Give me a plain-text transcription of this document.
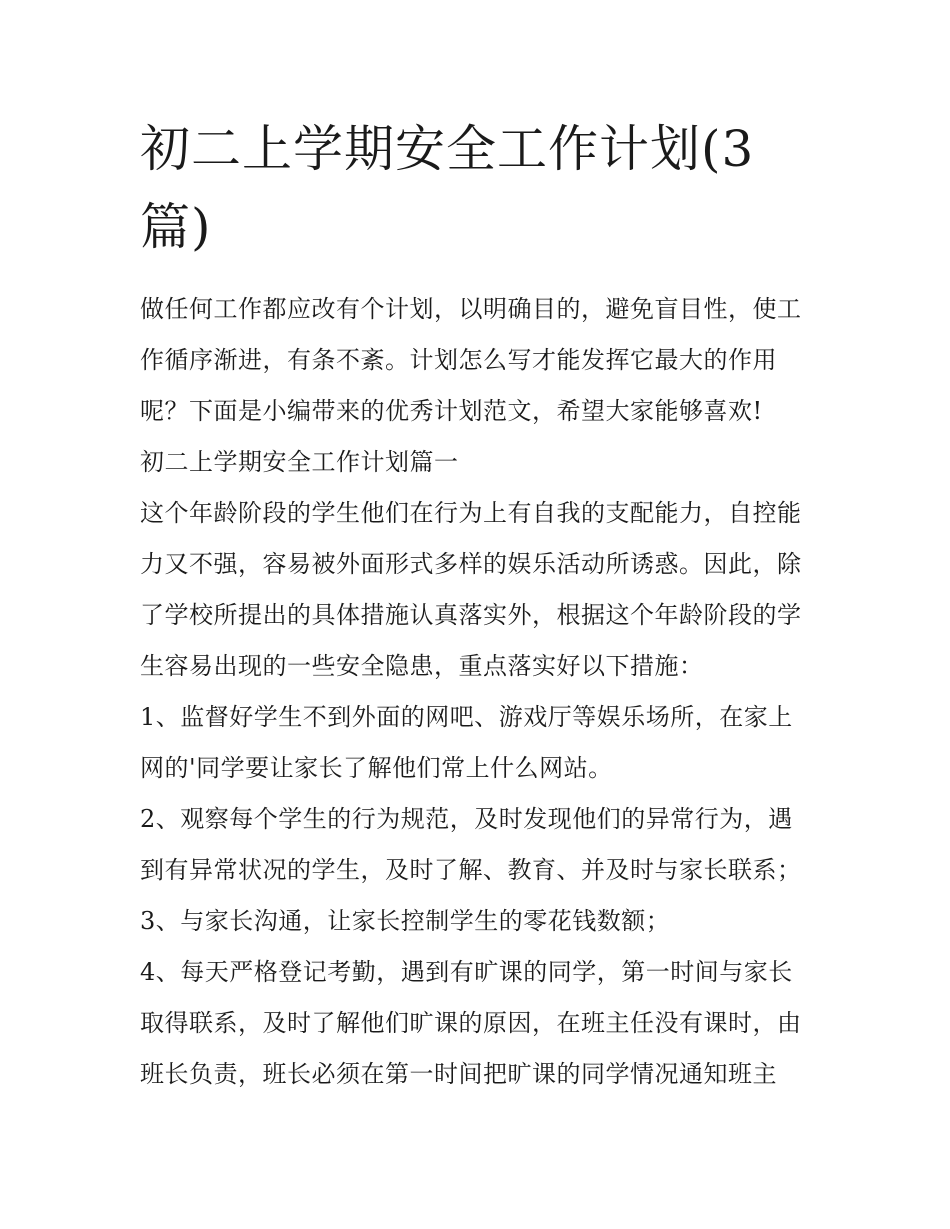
初二上学期安全工作计划(3
篇)

做任何工作都应改有个计划，以明确目的，避免盲目性，使工
作循序渐进，有条不紊。计划怎么写才能发挥它最大的作用
呢？下面是小编带来的优秀计划范文，希望大家能够喜欢!

初二上学期安全工作计划篇一

这个年龄阶段的学生他们在行为上有自我的支配能力，自控能
力又不强，容易被外面形式多样的娱乐活动所诱惑。因此，除
了学校所提出的具体措施认真落实外，根据这个年龄阶段的学
生容易出现的一些安全隐患，重点落实好以下措施：

1、监督好学生不到外面的网吧、游戏厅等娱乐场所，在家上
网的'同学要让家长了解他们常上什么网站。

2、观察每个学生的行为规范，及时发现他们的异常行为，遇
到有异常状况的学生，及时了解、教育、并及时与家长联系；

3、与家长沟通，让家长控制学生的零花钱数额；

4、每天严格登记考勤，遇到有旷课的同学，第一时间与家长
取得联系，及时了解他们旷课的原因，在班主任没有课时，由
班长负责，班长必须在第一时间把旷课的同学情况通知班主
